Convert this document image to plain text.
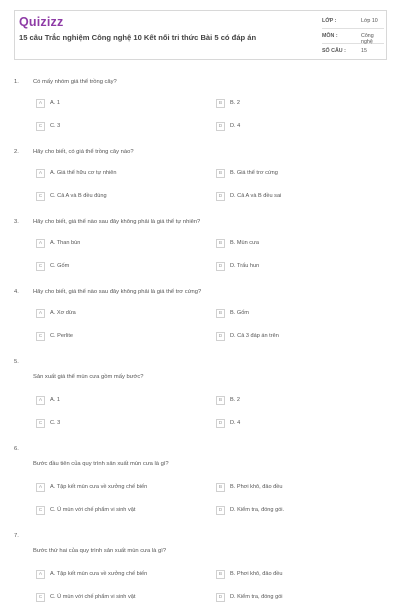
Quizizz
15 câu Trắc nghiệm Công nghệ 10 Kết nối tri thức Bài 5 có đáp án
LỚP :	Lớp 10
MÔN :	Công nghệ
SỐ CÂU :	15
1. Có mấy nhóm giá thể trồng cây?
A	A. 1	B	B. 2
C	C. 3	D	D. 4
2. Hãy cho biết, có giá thể trồng cây nào?
A	A. Giá thể hữu cơ tự nhiên	B	B. Giá thể trơ cứng
C	C. Cả A và B đều đúng	D	D. Cả A và B đều sai
3. Hãy cho biết, giá thể nào sau đây không phải là giá thể tự nhiên?
A	A. Than bùn	B	B. Mùn cưa
C	C. Gốm	D	D. Trấu hun
4. Hãy cho biết, giá thể nào sau đây không phải là giá thể trơ cứng?
A	A. Xơ dừa	B	B. Gốm
C	C. Perlite	D	D. Cả 3 đáp án trên
5.
Sản xuất giá thể mùn cưa gồm mấy bước?
A	A. 1	B	B. 2
C	C. 3	D	D. 4
6.
Bước đầu tiên của quy trình sản xuất mùn cưa là gì?
A	A. Tập kết mùn cưa về xưởng chế biến	B	B. Phơi khô, đảo đều
C	C. Ủ mùn với chế phẩm vi sinh vật	D	D. Kiểm tra, đóng gói.
7.
Bước thứ hai của quy trình sản xuất mùn cưa là gì?
A	A. Tập kết mùn cưa về xưởng chế biến	B	B. Phơi khô, đảo đều
C	C. Ủ mùn với chế phẩm vi sinh vật	D	D. Kiểm tra, đóng gói
